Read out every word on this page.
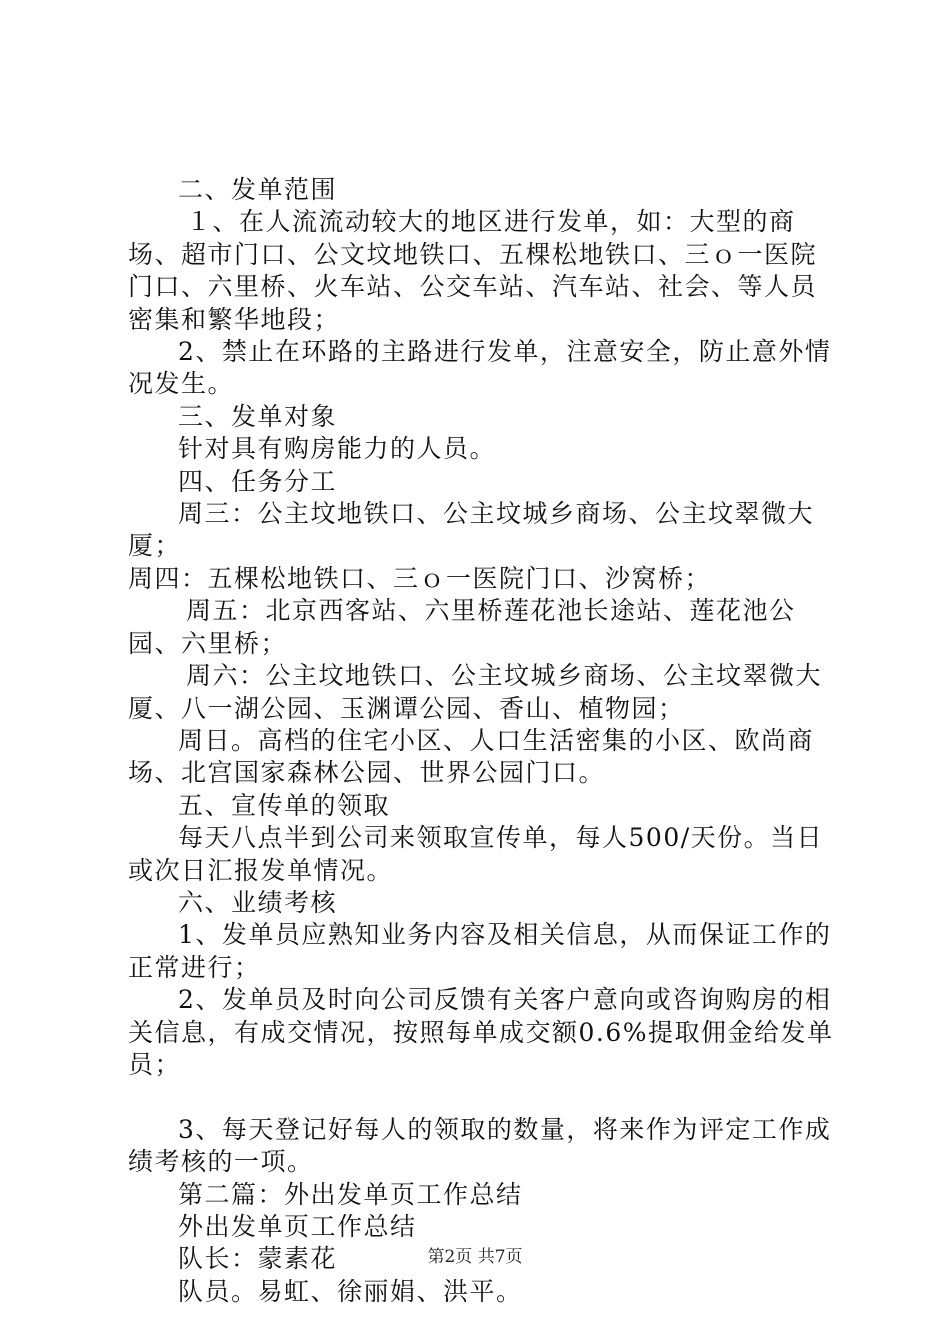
二、发单范围

１、在人流流动较大的地区进行发单，如：大型的商场、超市门口、公文坟地铁口、五棵松地铁口、三ｏ一医院门口、六里桥、火车站、公交车站、汽车站、社会、等人员密集和繁华地段；

2、禁止在环路的主路进行发单，注意安全，防止意外情况发生。

三、发单对象

针对具有购房能力的人员。

四、任务分工

周三：公主坟地铁口、公主坟城乡商场、公主坟翠微大厦；

周四：五棵松地铁口、三ｏ一医院门口、沙窝桥；

周五：北京西客站、六里桥莲花池长途站、莲花池公园、六里桥；

周六：公主坟地铁口、公主坟城乡商场、公主坟翠微大厦、八一湖公园、玉渊谭公园、香山、植物园；

周日。高档的住宅小区、人口生活密集的小区、欧尚商场、北宫国家森林公园、世界公园门口。

五、宣传单的领取

每天八点半到公司来领取宣传单，每人500/天份。当日或次日汇报发单情况。

六、业绩考核

1、发单员应熟知业务内容及相关信息，从而保证工作的正常进行；

2、发单员及时向公司反馈有关客户意向或咨询购房的相关信息，有成交情况，按照每单成交额0.6%提取佣金给发单员；

3、每天登记好每人的领取的数量，将来作为评定工作成绩考核的一项。

第二篇：外出发单页工作总结

外出发单页工作总结

队长：蒙素花

队员。易虹、徐丽娟、洪平。

第2页 共7页
